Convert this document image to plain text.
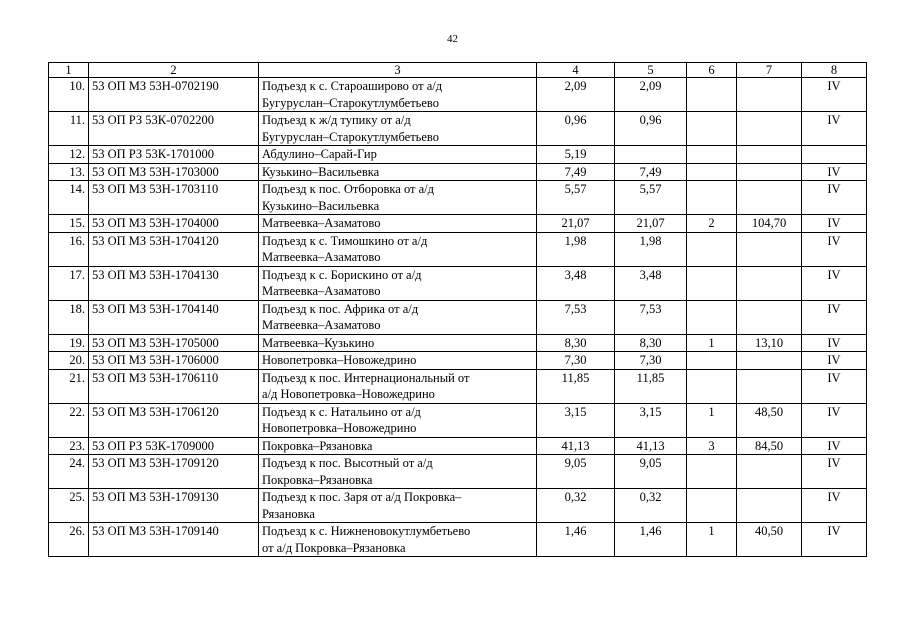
42
1	2	3	4	5	6	7	8
10.	53 ОП МЗ 53Н-0702190	Подъезд к с. Староаширово от а/д
Бугуруслан–Старокутлумбетьево	2,09	2,09			IV
11.	53 ОП РЗ 53К-0702200	Подъезд к ж/д тупику от а/д
Бугуруслан–Старокутлумбетьево	0,96	0,96			IV
12.	53 ОП РЗ 53К-1701000	Абдулино–Сарай-Гир	5,19				
13.	53 ОП МЗ 53Н-1703000	Кузькино–Васильевка	7,49	7,49			IV
14.	53 ОП МЗ 53Н-1703110	Подъезд к пос. Отборовка от а/д
Кузькино–Васильевка	5,57	5,57			IV
15.	53 ОП МЗ 53Н-1704000	Матвеевка–Азаматово	21,07	21,07	2	104,70	IV
16.	53 ОП МЗ 53Н-1704120	Подъезд к с. Тимошкино от а/д
Матвеевка–Азаматово	1,98	1,98			IV
17.	53 ОП МЗ 53Н-1704130	Подъезд к с. Борискино от а/д
Матвеевка–Азаматово	3,48	3,48			IV
18.	53 ОП МЗ 53Н-1704140	Подъезд к пос. Африка от а/д
Матвеевка–Азаматово	7,53	7,53			IV
19.	53 ОП МЗ 53Н-1705000	Матвеевка–Кузькино	8,30	8,30	1	13,10	IV
20.	53 ОП МЗ 53Н-1706000	Новопетровка–Новожедрино	7,30	7,30			IV
21.	53 ОП МЗ 53Н-1706110	Подъезд к пос. Интернациональный от
а/д Новопетровка–Новожедрино	11,85	11,85			IV
22.	53 ОП МЗ 53Н-1706120	Подъезд к с. Натальино от а/д
Новопетровка–Новожедрино	3,15	3,15	1	48,50	IV
23.	53 ОП РЗ 53К-1709000	Покровка–Рязановка	41,13	41,13	3	84,50	IV
24.	53 ОП МЗ 53Н-1709120	Подъезд к пос. Высотный от а/д
Покровка–Рязановка	9,05	9,05			IV
25.	53 ОП МЗ 53Н-1709130	Подъезд к пос. Заря от а/д Покровка–
Рязановка	0,32	0,32			IV
26.	53 ОП МЗ 53Н-1709140	Подъезд к с. Нижненовокутлумбетьево
от а/д Покровка–Рязановка	1,46	1,46	1	40,50	IV
